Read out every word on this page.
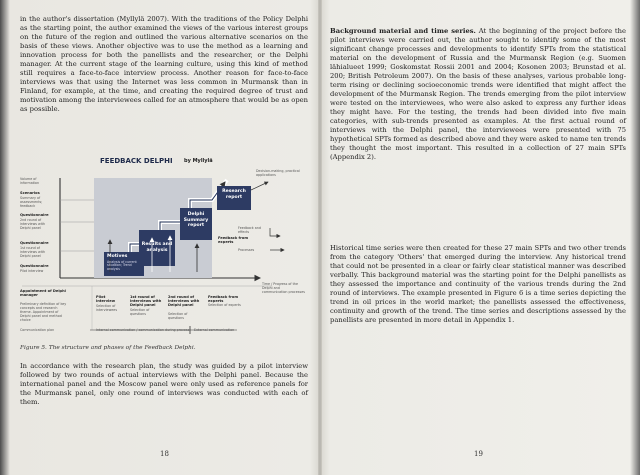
in the author's dissertation (Myllylä 2007). With the traditions of the Policy Delphi as the starting point, the author examined the views of the various interest groups on the future of the region and outlined the various alternative scenarios on the basis of these views. Another objective was to use the method as a learning and innovation process for both the panellists and the researcher, or the Delphi manager. At the current stage of the learning culture, using this kind of method still requires a face-to-face interview process. Another reason for face-to-face interviews was that using the Internet was less common in Murmansk than in Finland, for example, at the time, and creating the required degree of trust and motivation among the interviewees called for an atmosphere that would be as open as possible.

FEEDBACK DELPHI by Myllylä
Volume of information
Scenarios
Summary of assessments; feedback
Questionnaire
2nd round of interviews with Delphi panel
Questionnaire
1st round of interviews with Delphi panel
Questionnaire
Pilot interview
Research report
Delphi Summary report
Results and analysis
Motives
Analysis of current situation; Trend analysis
Feedback from experts
Decision-making, practical applications
Feedback and effects
Processes
Time / Progress of the Delphi and communication processes
Appointment of Delphi manager
Preliminary definition of key concepts and research theme. Appointment of Delphi panel and method choice
Pilot interview
Selection of interviewees
1st round of interviews with Delphi panel
Selection of questions
2nd round of interviews with Delphi panel
Selection of questions
Feedback from experts
Selection of experts
Communication plan	Internal communication / communication during process External communication
Figure 5. The structure and phases of the Feedback Delphi.

In accordance with the research plan, the study was guided by a pilot interview followed by two rounds of actual interviews with the Delphi panel. Because the international panel and the Moscow panel were only used as reference panels for the Murmansk panel, only one round of interviews was conducted with each of them.

18

Background material and time series. At the beginning of the project before the pilot interviews were carried out, the author sought to identify some of the most significant change processes and developments to identify SPTs from the statistical material on the development of Russia and the Murmansk Region (e.g. Suomen lähialueet 1999; Goskomstat Rossii 2001 and 2004; Kosonen 2003; Brunstad et al. 200; British Petroleum 2007). On the basis of these analyses, various probable long-term rising or declining socioeconomic trends were identified that might affect the development of the Murmansk Region. The trends emerging from the pilot interview were tested on the interviewees, who were also asked to express any further ideas they might have. For the testing, the trends had been divided into five main categories, with sub-trends presented as examples. At the first actual round of interviews with the Delphi panel, the interviewees were presented with 75 hypothetical SPTs formed as described above and they were asked to name ten trends they thought the most important. This resulted in a collection of 27 main SPTs (Appendix 2).

Historical time series were then created for these 27 main SPTs and two other trends from the category 'Others' that emerged during the interview. Any historical trend that could not be presented in a clear or fairly clear statistical manner was described verbally. This background material was the starting point for the Delphi panellists as they assessed the importance and continuity of the various trends during the 2nd round of interviews. The example presented in Figure 6 is a time series depicting the trend in oil prices in the world market; the panellists assessed the effectiveness, continuity and growth of the trend. The time series and descriptions assessed by the panellists are presented in more detail in Appendix 1.

19
